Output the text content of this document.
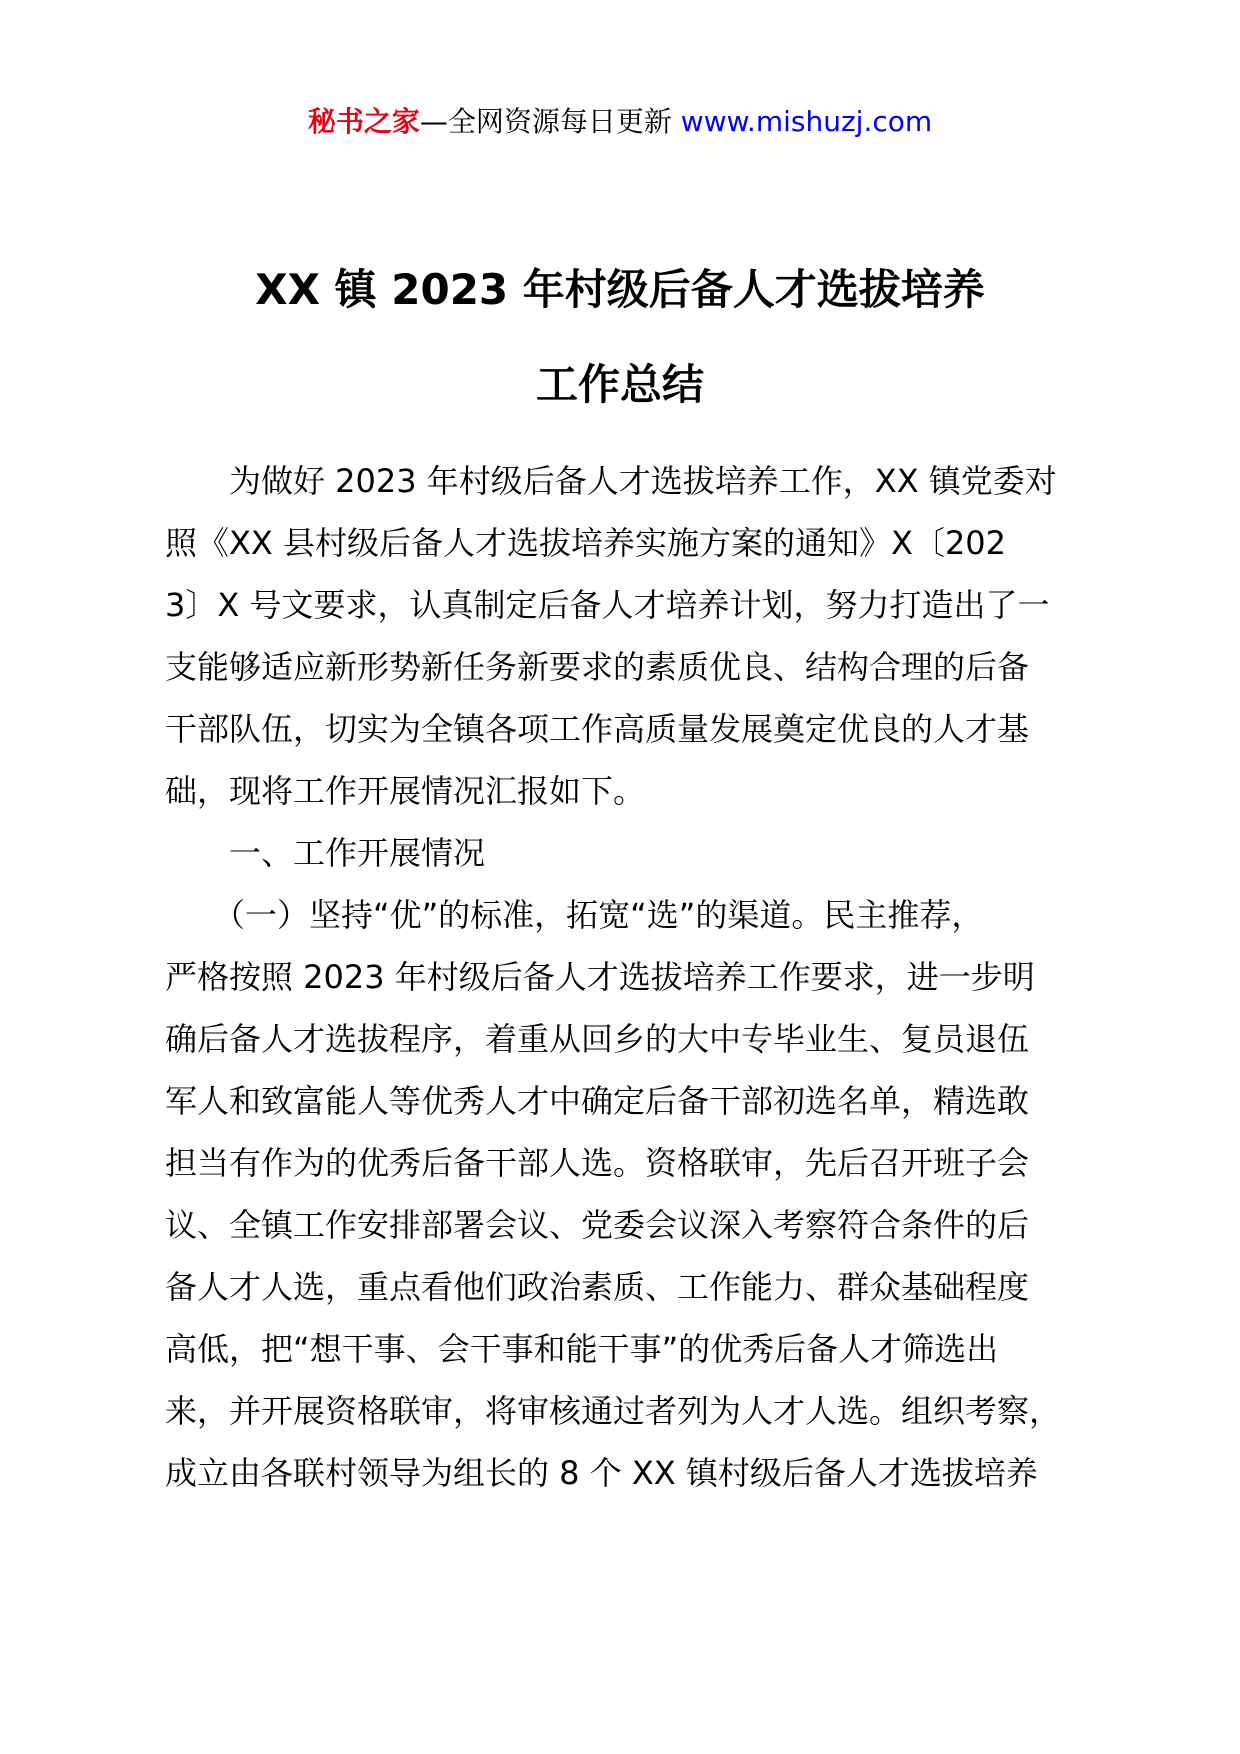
秘书之家—全网资源每日更新 www.mishuzj.com
XX 镇 2023 年村级后备人才选拔培养
工作总结
　　为做好 2023 年村级后备人才选拔培养工作，XX 镇党委对
照《XX 县村级后备人才选拔培养实施方案的通知》X〔202
3〕X 号文要求，认真制定后备人才培养计划，努力打造出了一
支能够适应新形势新任务新要求的素质优良、结构合理的后备
干部队伍，切实为全镇各项工作高质量发展奠定优良的人才基
础，现将工作开展情况汇报如下。
　　一、工作开展情况
　　（一）坚持“优”的标准，拓宽“选”的渠道。民主推荐，
严格按照 2023 年村级后备人才选拔培养工作要求，进一步明
确后备人才选拔程序，着重从回乡的大中专毕业生、复员退伍
军人和致富能人等优秀人才中确定后备干部初选名单，精选敢
担当有作为的优秀后备干部人选。资格联审，先后召开班子会
议、全镇工作安排部署会议、党委会议深入考察符合条件的后
备人才人选，重点看他们政治素质、工作能力、群众基础程度
高低，把“想干事、会干事和能干事”的优秀后备人才筛选出
来，并开展资格联审，将审核通过者列为人才人选。组织考察，
成立由各联村领导为组长的 8 个 XX 镇村级后备人才选拔培养
